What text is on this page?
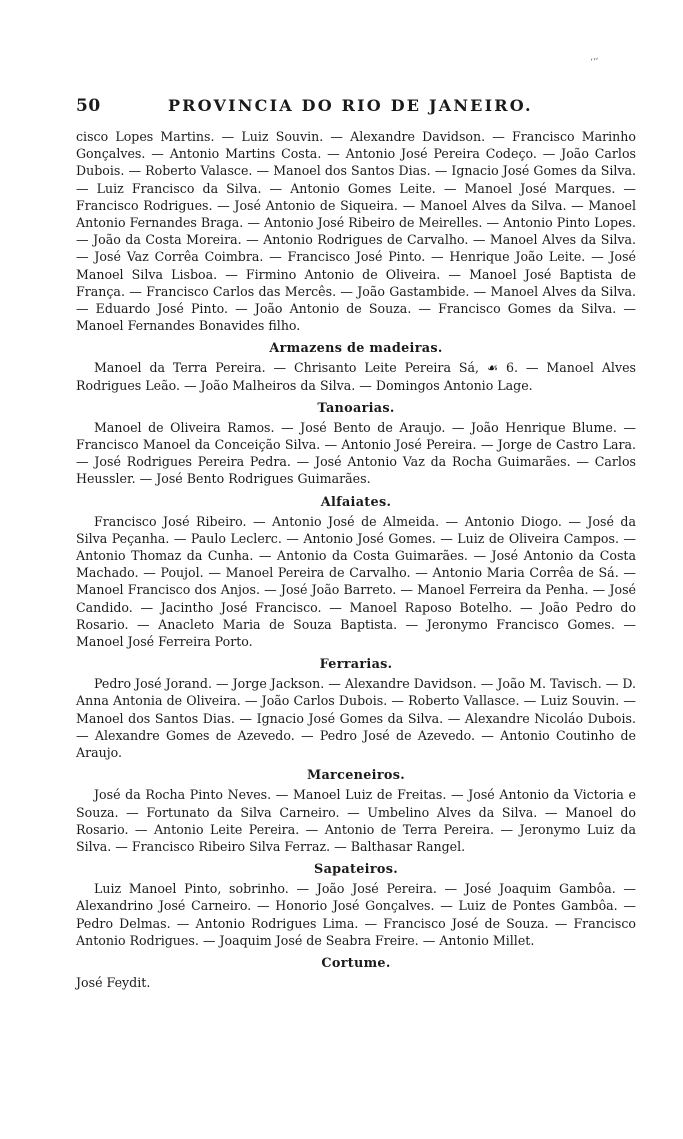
‘ʼʹ
50	PROVINCIA DO RIO DE JANEIRO.

cisco Lopes Martins. — Luiz Souvin. — Alexandre Davidson. — Francisco Marinho Gonçalves. — Antonio Martins Costa. — Antonio José Pereira Codeço. — João Carlos Dubois. — Roberto Valasce. — Manoel dos Santos Dias. — Ignacio José Gomes da Silva. — Luiz Francisco da Silva. — Antonio Gomes Leite. — Manoel José Marques. — Francisco Rodrigues. — José Antonio de Siqueira. — Manoel Alves da Silva. — Manoel Antonio Fernandes Braga. — Antonio José Ribeiro de Meirelles. — Antonio Pinto Lopes. — João da Costa Moreira. — Antonio Rodrigues de Carvalho. — Manoel Alves da Silva. — José Vaz Corrêa Coimbra. — Francisco José Pinto. — Henrique João Leite. — José Manoel Silva Lisboa. — Firmino Antonio de Oliveira. — Manoel José Baptista de França. — Francisco Carlos das Mercês. — João Gastambide. — Manoel Alves da Silva. — Eduardo José Pinto. — João Antonio de Souza. — Francisco Gomes da Silva. — Manoel Fernandes Bonavides filho.

Armazens de madeiras.

Manoel da Terra Pereira. — Chrisanto Leite Pereira Sá, ☙ 6. — Manoel Alves Rodrigues Leão. — João Malheiros da Silva. — Domingos Antonio Lage.

Tanoarias.

Manoel de Oliveira Ramos. — José Bento de Araujo. — João Henrique Blume. — Francisco Manoel da Conceição Silva. — Antonio José Pereira. — Jorge de Castro Lara. — José Rodrigues Pereira Pedra. — José Antonio Vaz da Rocha Guimarães. — Carlos Heussler. — José Bento Rodrigues Guimarães.

Alfaiates.

Francisco José Ribeiro. — Antonio José de Almeida. — Antonio Diogo. — José da Silva Peçanha. — Paulo Leclerc. — Antonio José Gomes. — Luiz de Oliveira Campos. — Antonio Thomaz da Cunha. — Antonio da Costa Guimarães. — José Antonio da Costa Machado. — Poujol. — Manoel Pereira de Carvalho. — Antonio Maria Corrêa de Sá. — Manoel Francisco dos Anjos. — José João Barreto. — Manoel Ferreira da Penha. — José Candido. — Jacintho José Francisco. — Manoel Raposo Botelho. — João Pedro do Rosario. — Anacleto Maria de Souza Baptista. — Jeronymo Francisco Gomes. — Manoel José Ferreira Porto.

Ferrarias.

Pedro José Jorand. — Jorge Jackson. — Alexandre Davidson. — João M. Tavisch. — D. Anna Antonia de Oliveira. — João Carlos Dubois. — Roberto Vallasce. — Luiz Souvin. — Manoel dos Santos Dias. — Ignacio José Gomes da Silva. — Alexandre Nicoláo Dubois. — Alexandre Gomes de Azevedo. — Pedro José de Azevedo. — Antonio Coutinho de Araujo.

Marceneiros.

José da Rocha Pinto Neves. — Manoel Luiz de Freitas. — José Antonio da Victoria e Souza. — Fortunato da Silva Carneiro. — Umbelino Alves da Silva. — Manoel do Rosario. — Antonio Leite Pereira. — Antonio de Terra Pereira. — Jeronymo Luiz da Silva. — Francisco Ribeiro Silva Ferraz. — Balthasar Rangel.

Sapateiros.

Luiz Manoel Pinto, sobrinho. — João José Pereira. — José Joaquim Gambôa. — Alexandrino José Carneiro. — Honorio José Gonçalves. — Luiz de Pontes Gambôa. — Pedro Delmas. — Antonio Rodrigues Lima. — Francisco José de Souza. — Francisco Antonio Rodrigues. — Joaquim José de Seabra Freire. — Antonio Millet.

Cortume.
José Feydit.
